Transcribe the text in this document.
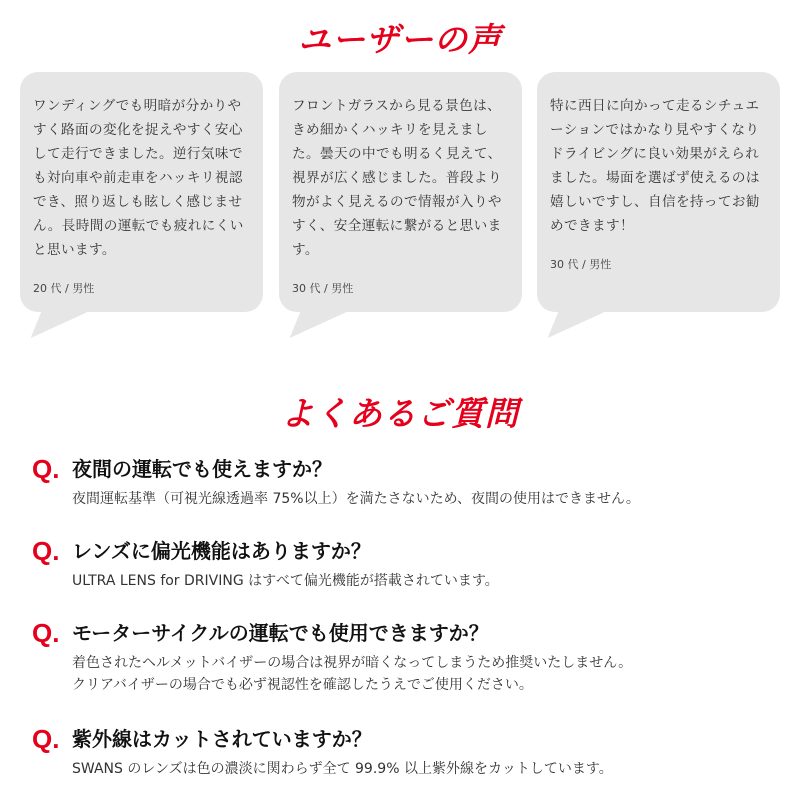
ユーザーの声

ワンディングでも明暗が分かりやすく路面の変化を捉えやすく安心して走行できました。逆行気味でも対向車や前走車をハッキリ視認でき、照り返しも眩しく感じません。長時間の運転でも疲れにくいと思います。

20 代 / 男性

フロントガラスから見る景色は、きめ細かくハッキリを見えました。曇天の中でも明るく見えて、視界が広く感じました。普段より物がよく見えるので情報が入りやすく、安全運転に繋がると思います。

30 代 / 男性

特に西日に向かって走るシチュエーションではかなり見やすくなりドライビングに良い効果がえられました。場面を選ばず使えるのは嬉しいですし、自信を持ってお勧めできます！

30 代 / 男性
よくあるご質問
Q. 夜間の運転でも使えますか？
夜間運転基準（可視光線透過率 75%以上）を満たさないため、夜間の使用はできません。
Q. レンズに偏光機能はありますか？
ULTRA LENS for DRIVING はすべて偏光機能が搭載されています。
Q. モーターサイクルの運転でも使用できますか？
着色されたヘルメットバイザーの場合は視界が暗くなってしまうため推奨いたしません。
クリアバイザーの場合でも必ず視認性を確認したうえでご使用ください。
Q. 紫外線はカットされていますか？
SWANS のレンズは色の濃淡に関わらず全て 99.9% 以上紫外線をカットしています。
